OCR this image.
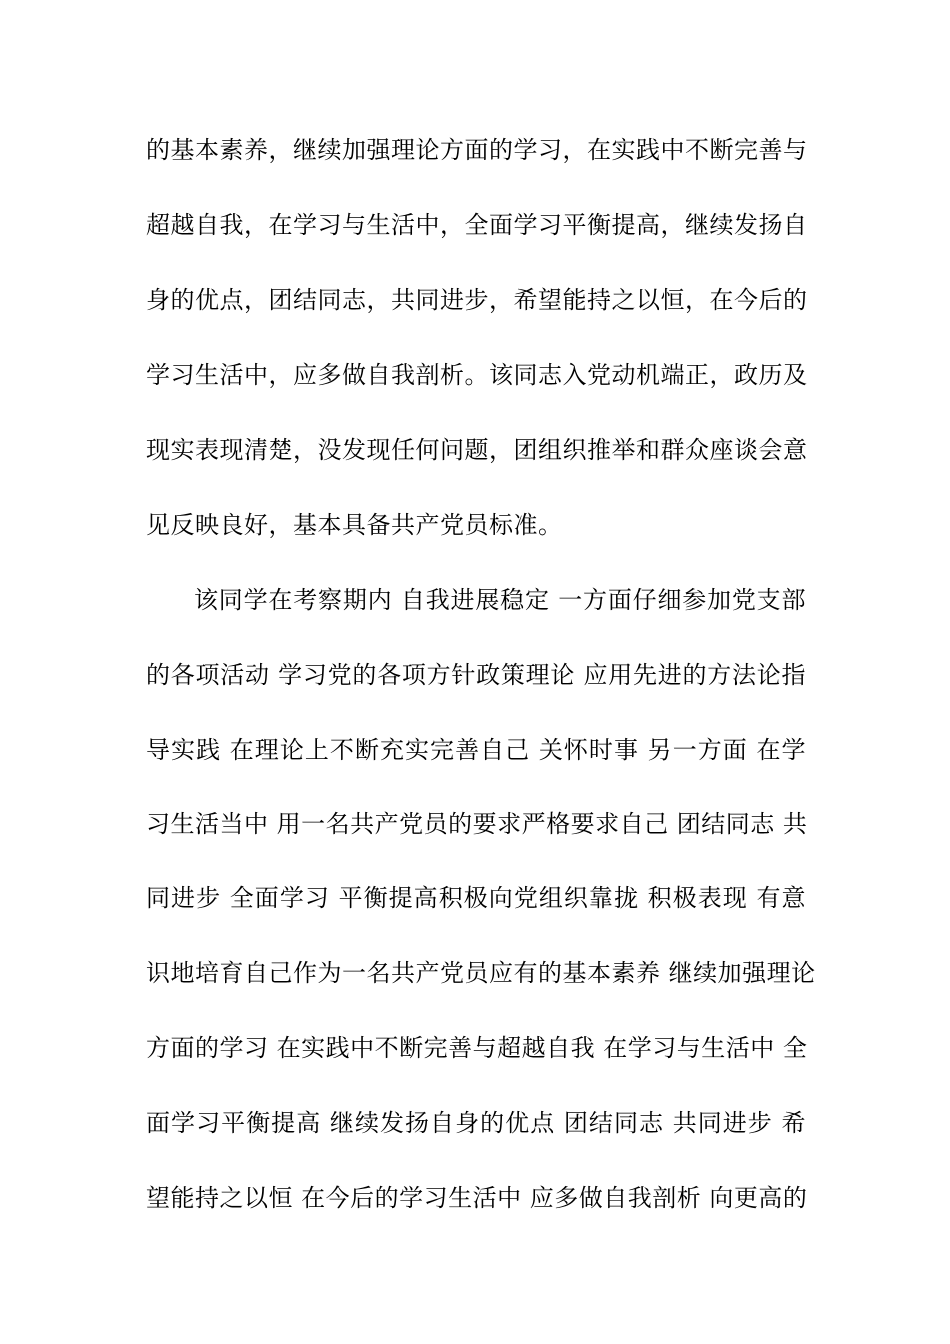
的基本素养，继续加强理论方面的学习，在实践中不断完善与
超越自我，在学习与生活中，全面学习平衡提高，继续发扬自
身的优点，团结同志，共同进步，希望能持之以恒，在今后的
学习生活中，应多做自我剖析。该同志入党动机端正，政历及
现实表现清楚，没发现任何问题，团组织推举和群众座谈会意
见反映良好，基本具备共产党员标准。
该同学在考察期内 自我进展稳定 一方面仔细参加党支部
的各项活动 学习党的各项方针政策理论 应用先进的方法论指
导实践 在理论上不断充实完善自己 关怀时事 另一方面 在学
习生活当中 用一名共产党员的要求严格要求自己 团结同志 共
同进步 全面学习 平衡提高积极向党组织靠拢 积极表现 有意
识地培育自己作为一名共产党员应有的基本素养 继续加强理论
方面的学习 在实践中不断完善与超越自我 在学习与生活中 全
面学习平衡提高 继续发扬自身的优点 团结同志 共同进步 希
望能持之以恒 在今后的学习生活中 应多做自我剖析 向更高的
